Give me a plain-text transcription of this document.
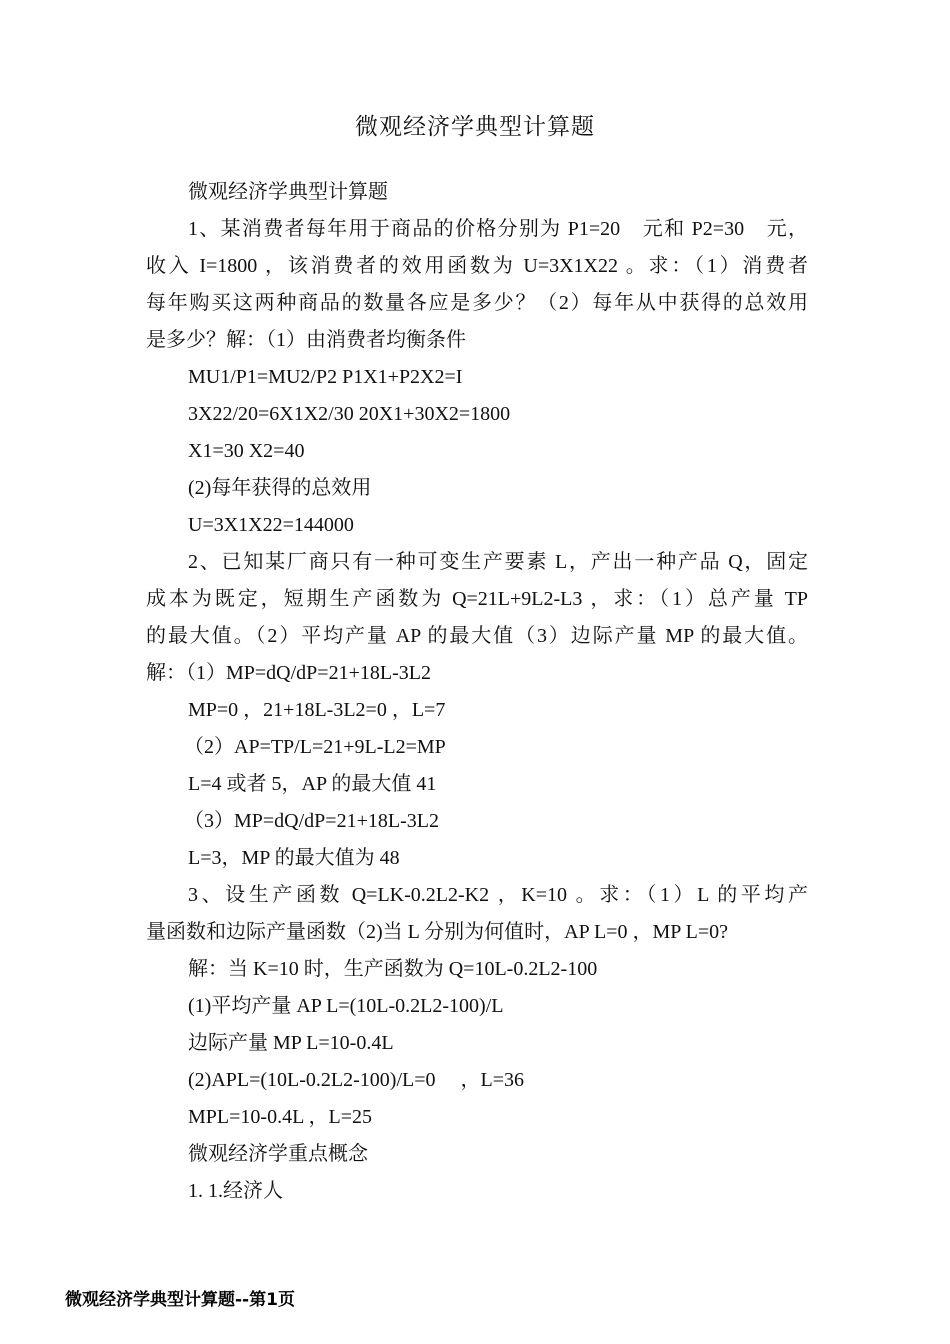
微观经济学典型计算题

微观经济学典型计算题

1、某消费者每年用于商品的价格分别为 P1=20　元和 P2=30　元，

收入 I=1800 ，该消费者的效用函数为 U=3X1X22 。求：（1）消费者

每年购买这两种商品的数量各应是多少？（2）每年从中获得的总效用

是多少？解：（1）由消费者均衡条件

MU1/P1=MU2/P2 P1X1+P2X2=I

3X22/20=6X1X2/30 20X1+30X2=1800

X1=30 X2=40

(2)每年获得的总效用

U=3X1X22=144000

2、已知某厂商只有一种可变生产要素 L，产出一种产品 Q，固定

成本为既定，短期生产函数为 Q=21L+9L2-L3 ，求：（1）总产量 TP

的最大值。（2）平均产量 AP 的最大值（3）边际产量 MP 的最大值。

解：（1）MP=dQ/dP=21+18L-3L2

MP=0 ，21+18L-3L2=0 ，L=7

（2）AP=TP/L=21+9L-L2=MP

L=4 或者 5，AP 的最大值 41

（3）MP=dQ/dP=21+18L-3L2

L=3，MP 的最大值为 48

3、设生产函数 Q=LK-0.2L2-K2 ，K=10 。求：（1）L 的平均产

量函数和边际产量函数（2)当 L 分别为何值时，AP L=0 ，MP L=0?

解：当 K=10 时，生产函数为 Q=10L-0.2L2-100

(1)平均产量 AP L=(10L-0.2L2-100)/L

边际产量 MP L=10-0.4L

(2)APL=(10L-0.2L2-100)/L=0　 ，L=36

MPL=10-0.4L ，L=25

微观经济学重点概念

1. 1.经济人

微观经济学典型计算题--第1页
